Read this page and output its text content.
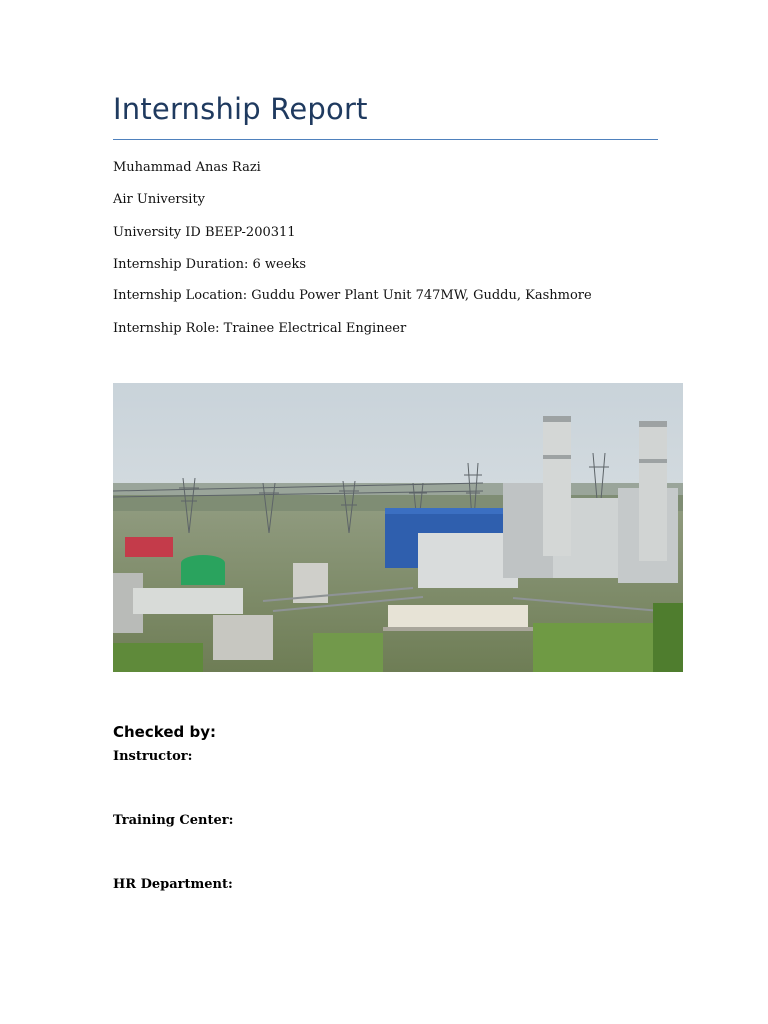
Internship Report

Muhammad Anas Razi

Air University

University ID BEEP-200311

Internship Duration: 6 weeks

Internship Location: Guddu Power Plant Unit 747MW, Guddu, Kashmore

Internship Role: Trainee Electrical Engineer

Checked by:

Instructor:

Training Center:

HR Department:
